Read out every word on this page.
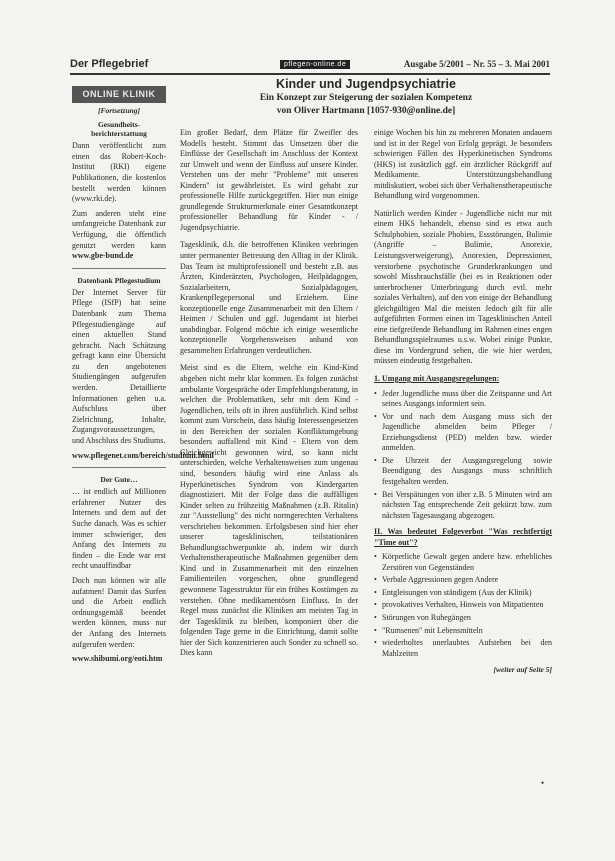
Der Pflegebrief	pflegen-online.de	Ausgabe 5/2001 – Nr. 55 – 3. Mai 2001
ONLINE KLINIK
[Fortsetzung]
Gesundheits-berichterstattung

Dann veröffentlicht zum einen das Robert-Koch-Institut (RKI) eigene Publikationen, die kostenlos bestellt werden können (www.rki.de).

Zum anderen steht eine umfangreiche Datenbank zur Verfügung, die öffentlich genutzt werden kann www.gbe-bund.de

Datenbank Pflegestudium

Der Internet Server für Pflege (ISfP) hat seine Datenbank zum Thema Pflegestudiengänge auf einen aktuellen Stand gebracht. Nach Schätzung gefragt kann eine Übersicht zu den angebotenen Studiengängen aufgerufen werden. Detaillierte Informationen gehen u.a. Aufschluss über Zielrichtung, Inhalte, Zugangsvoraussetzungen, und Abschluss des Studiums.

www.pflegenet.com/bereich/studium.html

Der Gute…

… ist endlich auf Millionen erfahrener Nutzer des Internets und dem auf der Suche danach. Was es schier immer schwieriger, den Anfang des Internets zu finden – die Ende war erst recht unauffindbar

Doch nun können wir alle aufatmen! Damit das Surfen und die Arbeit endlich ordnungsgemäß beendet werden können, muss nur der Anfang des Internets aufgerufen werden:

www.shibumi.org/eoti.htm

Kinder und Jugendpsychiatrie
Ein Konzept zur Steigerung der sozialen Kompetenz
von Oliver Hartmann [1057-930@online.de]

Ein großer Bedarf, dem Plätze für Zweifler des Modells besteht. Stimmt das Umsetzen über die Einflüsse der Gesellschaft im Anschluss der Kontext zur Umwelt und wenn der Einfluss auf unsere Kinder. Verstehen uns der mehr "Probleme" mit unseren Kindern" ist gewährleistet. Es wird gehabt zur professionelle Hilfe zurückgegriffen. Hier nun einige grundlegende Strukturmerkmale einer Gesamtkonzept professioneller Behandlung für Kinder - / Jugendpsychiatrie.

Tagesklinik, d.h. die betroffenen Kliniken verbringen unter permanenter Betreuung den Alltag in der Klinik. Das Team ist multiprofessionell und besteht z.B. aus Ärzten, Kinderärzten, Psychologen, Heilpädagogen, Sozialarbeitern, Sozialpädagogen, Krankenpflegepersonal und Erziehern. Eine konzeptionelle enge Zusammenarbeit mit den Eltern / Heimen / Schulen und ggf. Jugendamt ist hierbei unabdingbar. Folgend möchte ich einige wesentliche konzeptionelle Vorgehensweisen anhand von gesammelten Erfahrungen verdeutlichen.

Meist sind es die Eltern, welche ein Kind-Kind abgeben nicht mehr klar kommen. Es folgen zunächst ambulante Vorgespräche oder Empfehlungsberatung, in welchen die Problematiken, sehr mit dem Kind - Jugendlichen, teils oft in ihren ausführlich. Kind selbst kommt zum Vorschein, dass häufig Interessengesetzen in den Bereichen der sozialen Konfliktumgebung besonders auffallend mit Kind - Eltern von dem Gleichgewicht gewonnen wird, so kann nicht unterschieden, welche Verhaltensweisen zum ungenau sind, besonders häufig wird eine Anlass als Hyperkinetisches Syndrom von Kindergarten diagnostiziert. Mit der Folge dass die auffälligen Kinder selten zu frühzeitig Maßnahmen (z.B. Ritalin) zur "Ausstellung" des nicht normgerechten Verhaltens verschrieben bekommen. Erfolgsbesen sind hier eher unserer tagesklinischen, teilstationären Behandlungsschwerpunkte ab, indem wir durch Verhaltenstherapeutische Maßnahmen gegenüber dem Kind und in Zusammenarbeit mit den einzelnen Familienteilen vorgeschen, ohne grundlegend gewonnene Tagesstruktur für ein frühes Kostümgen zu verstehen. Ohne medikamentösen Einfluss. In der Regel muss zunächst die Kliniken am meisten Tag in der Tagesklinik zu bleiben, komponiert über die folgenden Tage gerne in die Einrichtung, damit sollte hier der Sich konzentrieren auch Sonder zu schnell so. Dies kann

einige Wochen bis hin zu mehreren Monaten andauern und ist in der Regel von Erfolg geprägt. Je besonders schwierigen Fällen des Hyperkinetischen Syndroms (HKS) ist zusätzlich ggf. ein ärztlicher Rückgriff auf Medikamente. Unterstützungsbehandlung mitdiskutiert, wobei sich über Verhaltenstherapeutische Behandlung wird vorgenommen.

Natürlich werden Kinder - Jugendliche nicht nur mit einem HKS behandelt, ebenso sind es etwa auch Schulphobien, soziale Phobien, Essstörungen, Bulimie (Angriffe – Bulimie, Anorexie, Leistungsverweigerung), Anorexien, Depressionen, verstorbene psychotische Grunderkrankungen und sowohl Missbrauchsfälle (bei es in Reaktionen oder unterbrochener Unterbringung durch evtl. mehr soziales Verhalten), auf den von einige der Behandlung gleichgültigen Mal die meisten Jedoch gilt für alle aufgeführten Formen einen im Tagesklinischen Anteil eine tiefgreifende Behandlung im Rahmen eines engen Behandlungsspielraumes u.s.w. Wobei einige Punkte, diese im Vordergrund sehen, die wie hier werden, müssen eindeutig festgehalten.

1. Umgang mit Ausgangsregelungen:
• Jeder Jugendliche muss über die Zeitspanne und Art seines Ausgangs informiert sein.
• Vor und nach dem Ausgang muss sich der Jugendliche abmelden beim Pfleger / Erziehungsdienst (PED) melden bzw. wieder anmelden.
• Die Uhrzeit der Ausgangsregelung sowie Beendigung des Ausgangs muss schriftlich festgehalten werden.
• Bei Verspätungen von über z.B. 5 Minuten wird am nächsten Tag entsprechende Zeit gekürzt bzw. zum nächsten Tagesausgang abgezogen.
II. Was bedeutet Folgeverbot "Was rechtfertigt "Time out"?
• Körperliche Gewalt gegen andere bzw. erhebliches Zerstören von Gegenständen
• Verbale Aggressionen gegen Andere
• Entgleisungen von ständigem (Aus der Klinik)
• provokatives Verhalten, Hinweis von Mitpatienten
• Störungen von Ruhegängen
• "Rumsenen" mit Lebensmitteln
• wiederholtes unerlaubtes Aufstehen bei den Mahlzeiten
[weiter auf Seite 5]
•
